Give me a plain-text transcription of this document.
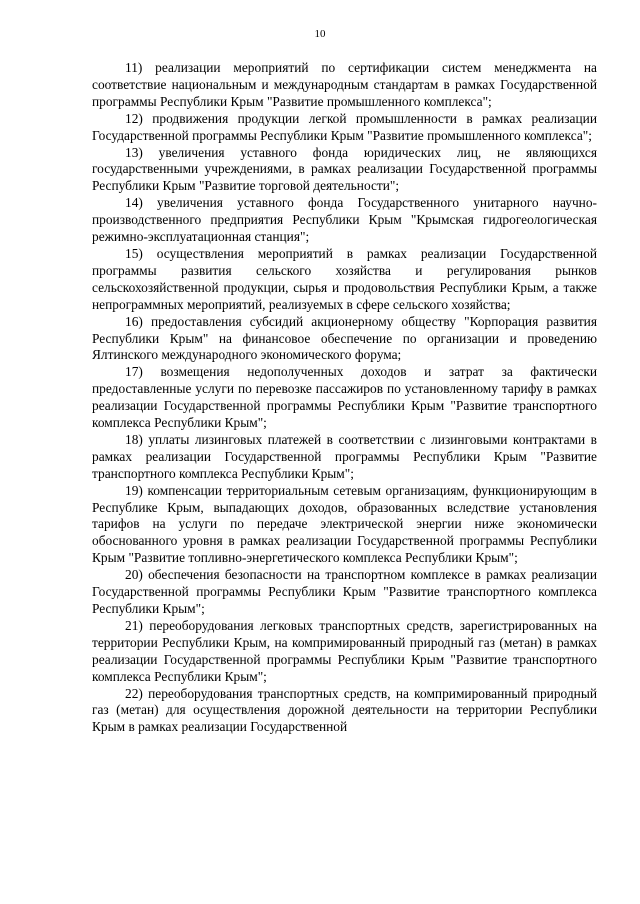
10

11) реализации мероприятий по сертификации систем менеджмента на соответствие национальным и международным стандартам в рамках Государственной программы Республики Крым "Развитие промышленного комплекса";

12) продвижения продукции легкой промышленности в рамках реализации Государственной программы Республики Крым "Развитие промышленного комплекса";

13) увеличения уставного фонда юридических лиц, не являющихся государственными учреждениями, в рамках реализации Государственной программы Республики Крым "Развитие торговой деятельности";

14) увеличения уставного фонда Государственного унитарного научно-производственного предприятия Республики Крым "Крымская гидрогеологическая режимно-эксплуатационная станция";

15) осуществления мероприятий в рамках реализации Государственной программы развития сельского хозяйства и регулирования рынков сельскохозяйственной продукции, сырья и продовольствия Республики Крым, а также непрограммных мероприятий, реализуемых в сфере сельского хозяйства;

16) предоставления субсидий акционерному обществу "Корпорация развития Республики Крым" на финансовое обеспечение по организации и проведению Ялтинского международного экономического форума;

17) возмещения недополученных доходов и затрат за фактически предоставленные услуги по перевозке пассажиров по установленному тарифу в рамках реализации Государственной программы Республики Крым "Развитие транспортного комплекса Республики Крым";

18) уплаты лизинговых платежей в соответствии с лизинговыми контрактами в рамках реализации Государственной программы Республики Крым "Развитие транспортного комплекса Республики Крым";

19) компенсации территориальным сетевым организациям, функционирующим в Республике Крым, выпадающих доходов, образованных вследствие установления тарифов на услуги по передаче электрической энергии ниже экономически обоснованного уровня в рамках реализации Государственной программы Республики Крым "Развитие топливно-энергетического комплекса Республики Крым";

20) обеспечения безопасности на транспортном комплексе в рамках реализации Государственной программы Республики Крым "Развитие транспортного комплекса Республики Крым";

21) переоборудования легковых транспортных средств, зарегистрированных на территории Республики Крым, на компримированный природный газ (метан) в рамках реализации Государственной программы Республики Крым "Развитие транспортного комплекса Республики Крым";

22) переоборудования транспортных средств, на компримированный природный газ (метан) для осуществления дорожной деятельности на территории Республики Крым в рамках реализации Государственной
